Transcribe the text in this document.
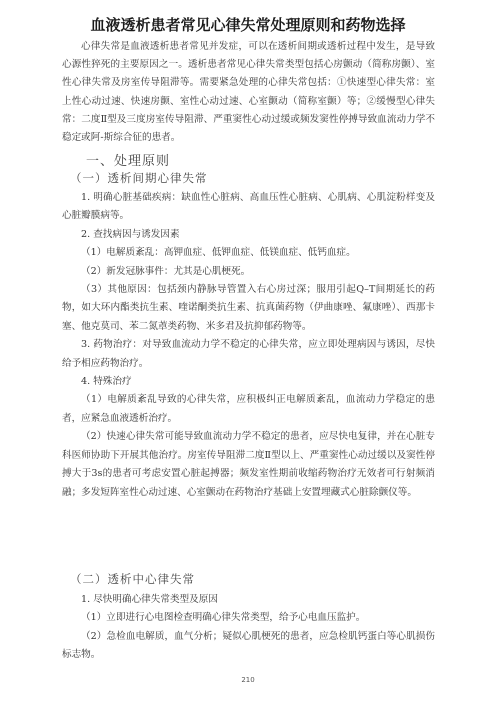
血液透析患者常见心律失常处理原则和药物选择

心律失常是血液透析患者常见并发症，可以在透析间期或透析过程中发生，是导致心源性猝死的主要原因之一。透析患者常见心律失常类型包括心房颤动（简称房颤）、室性心律失常及房室传导阻滞等。需要紧急处理的心律失常包括：①快速型心律失常：室上性心动过速、快速房颤、室性心动过速、心室颤动（简称室颤）等；②缓慢型心律失常：二度Ⅱ型及三度房室传导阻滞、严重窦性心动过缓或频发窦性停搏导致血流动力学不稳定或阿-斯综合征的患者。

一、处理原则
（一）透析间期心律失常

1. 明确心脏基础疾病：缺血性心脏病、高血压性心脏病、心肌病、心肌淀粉样变及心脏瓣膜病等。

2. 查找病因与诱发因素

（1）电解质紊乱：高钾血症、低钾血症、低镁血症、低钙血症。

（2）新发冠脉事件：尤其是心肌梗死。

（3）其他原因：包括颈内静脉导管置入右心房过深；服用引起Q–T间期延长的药物，如大环内酯类抗生素、喹诺酮类抗生素、抗真菌药物（伊曲康唑、氟康唑）、西那卡塞、他克莫司、苯二氮䓬类药物、米多君及抗抑郁药物等。

3. 药物治疗：对导致血流动力学不稳定的心律失常，应立即处理病因与诱因，尽快给予相应药物治疗。

4. 特殊治疗

（1）电解质紊乱导致的心律失常，应积极纠正电解质紊乱，血流动力学稳定的患者，应紧急血液透析治疗。

（2）快速心律失常可能导致血流动力学不稳定的患者，应尽快电复律，并在心脏专科医师协助下开展其他治疗。房室传导阻滞二度Ⅱ型以上、严重窦性心动过缓以及窦性停搏大于3s的患者可考虑安置心脏起搏器；频发室性期前收缩药物治疗无效者可行射频消融；多发短阵室性心动过速、心室颤动在药物治疗基础上安置埋藏式心脏除颤仪等。

（二）透析中心律失常

1. 尽快明确心律失常类型及原因

（1）立即进行心电图检查明确心律失常类型，给予心电血压监护。

（2）急检血电解质，血气分析；疑似心肌梗死的患者，应急检肌钙蛋白等心肌损伤标志物。

210
